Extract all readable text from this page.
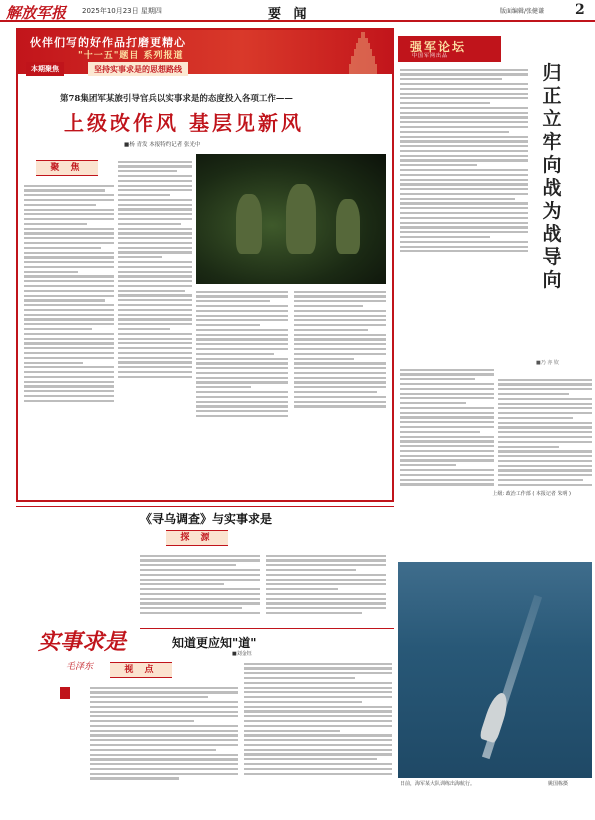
解放军报 2025年10月23日 星期四	要 闻	版面编辑/张健谦 2
伙伴们写的好作品打磨更精心
"十一五"题目 系列报道
本期聚焦	坚持实事求是的思想路线
第78集团军某旅引导官兵以实事求是的态度投入各项工作——
上级改作风 基层见新风
■杨 青发 本报特约记者 张光中
聚 焦
上级: 政治工作部 ( 本报记者 朱明 )
《寻乌调查》与实事求是
探 源
实事求是
毛泽东
知道更应知"道"
■刘金钰
视 点
强军论坛
中国军网出品
归正立牢向战为战导向
■乃 亦 钦
日前，海军某大队训练出海航行。	姚国栋摄
